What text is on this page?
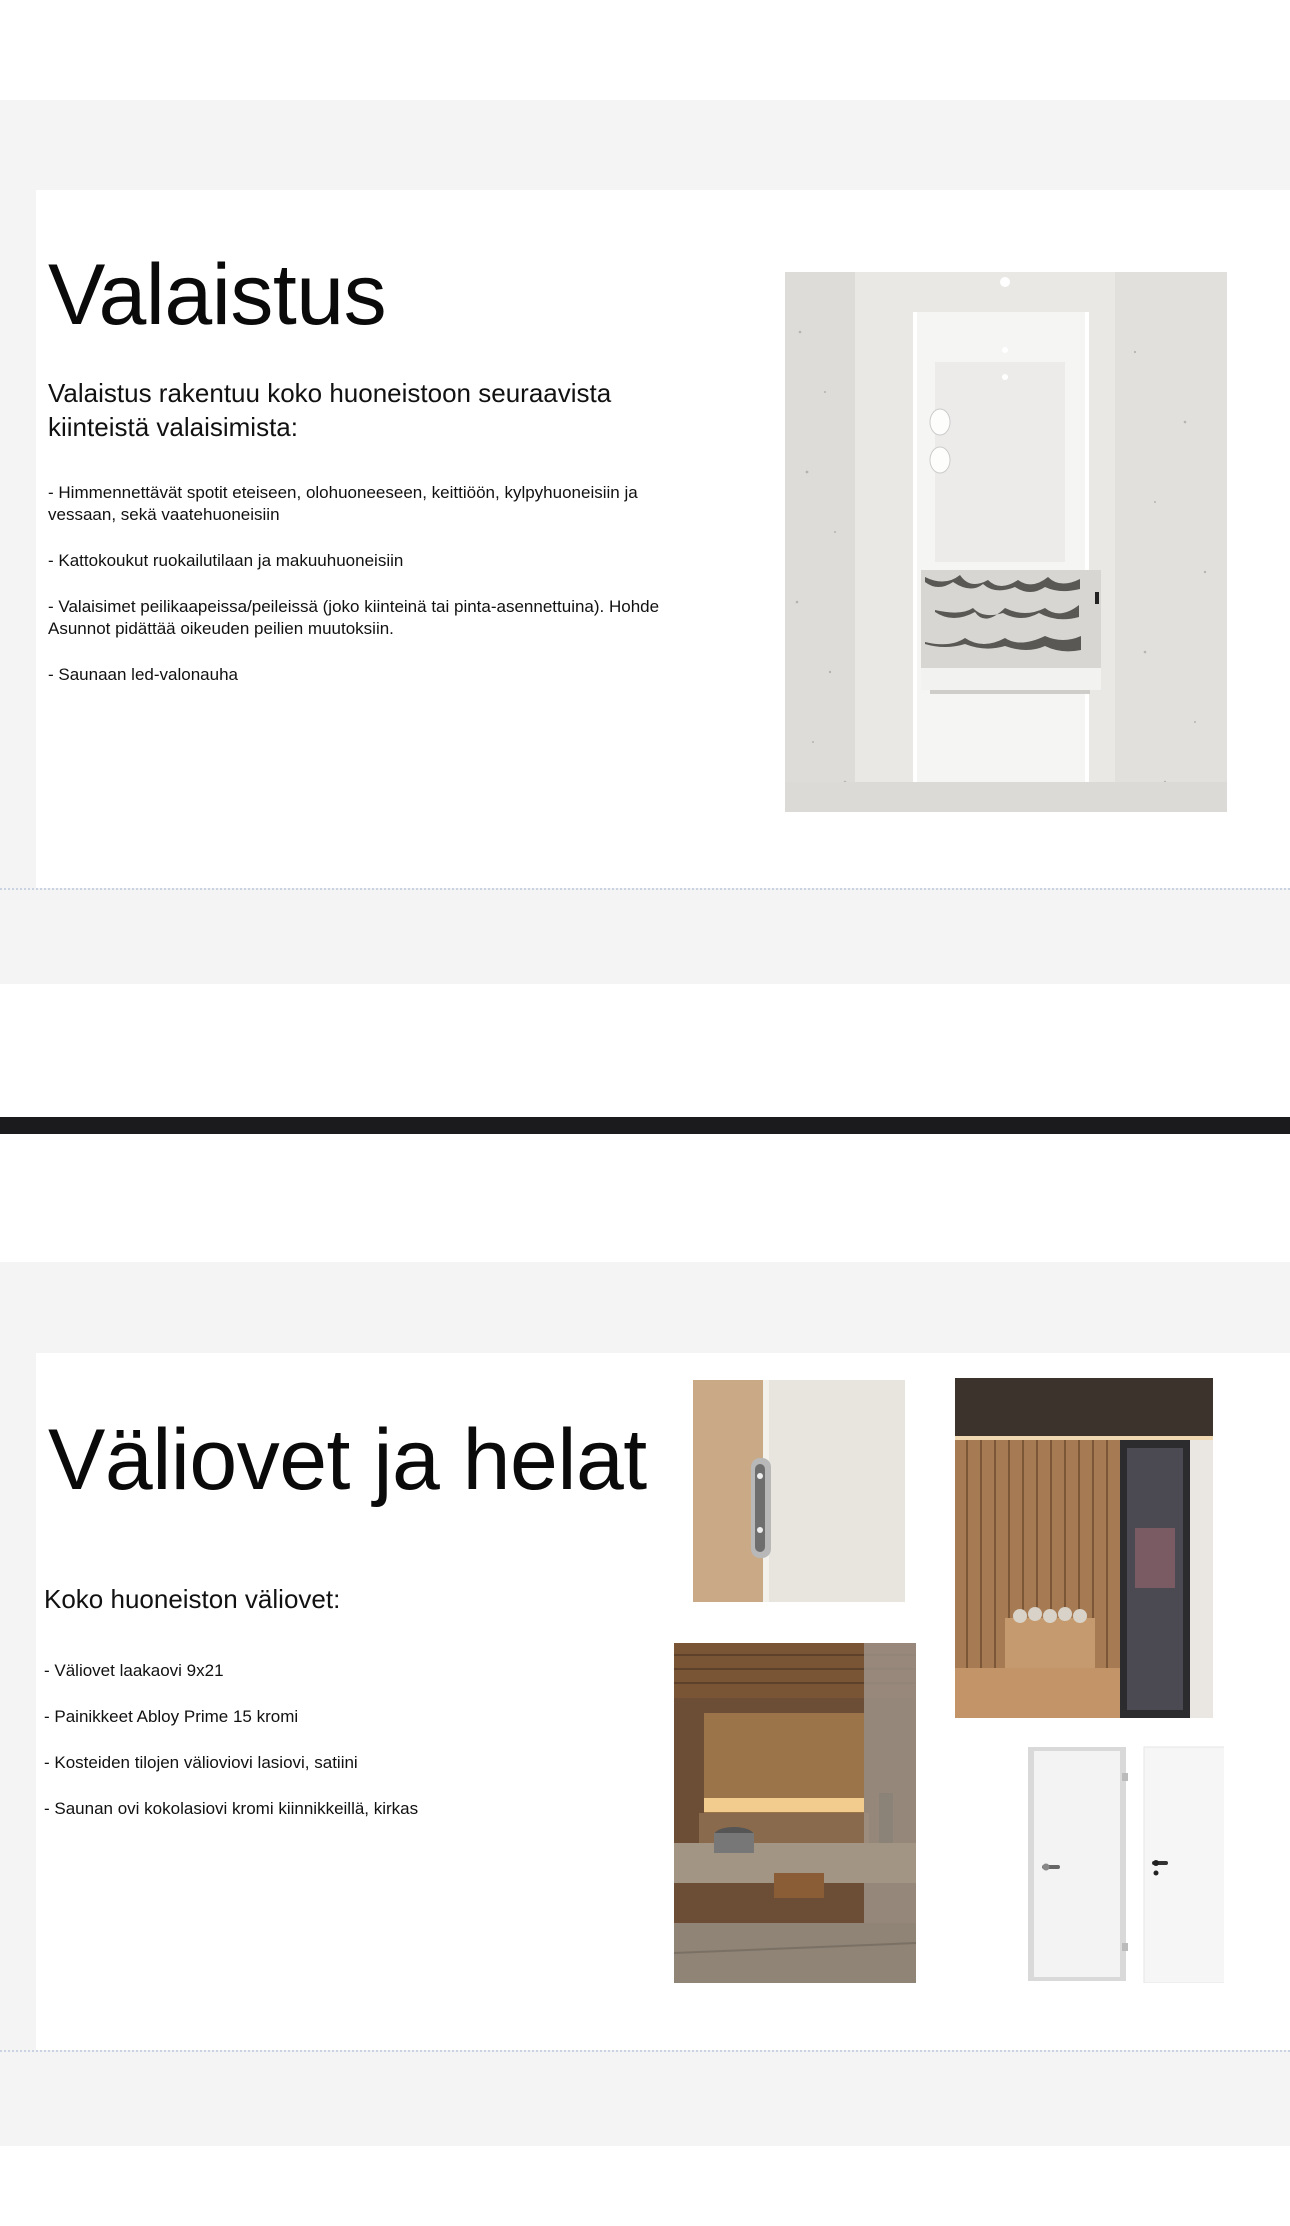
Valaistus

Valaistus rakentuu koko huoneistoon seuraavista kiinteistä valaisimista:

- Himmennettävät spotit eteiseen, olohuoneeseen, keittiöön, kylpyhuoneisiin ja vessaan, sekä vaatehuoneisiin
- Kattokoukut ruokailutilaan ja makuuhuoneisiin
- Valaisimet peilikaapeissa/peileissä (joko kiinteinä tai pinta-asennettuina). Hohde Asunnot pidättää oikeuden peilien muutoksiin.
- Saunaan led-valonauha
Väliovet ja helat

Koko huoneiston väliovet:

- Väliovet laakaovi 9x21
- Painikkeet Abloy Prime 15 kromi
- Kosteiden tilojen välioviovi lasiovi, satiini
- Saunan ovi kokolasiovi kromi kiinnikkeillä, kirkas
